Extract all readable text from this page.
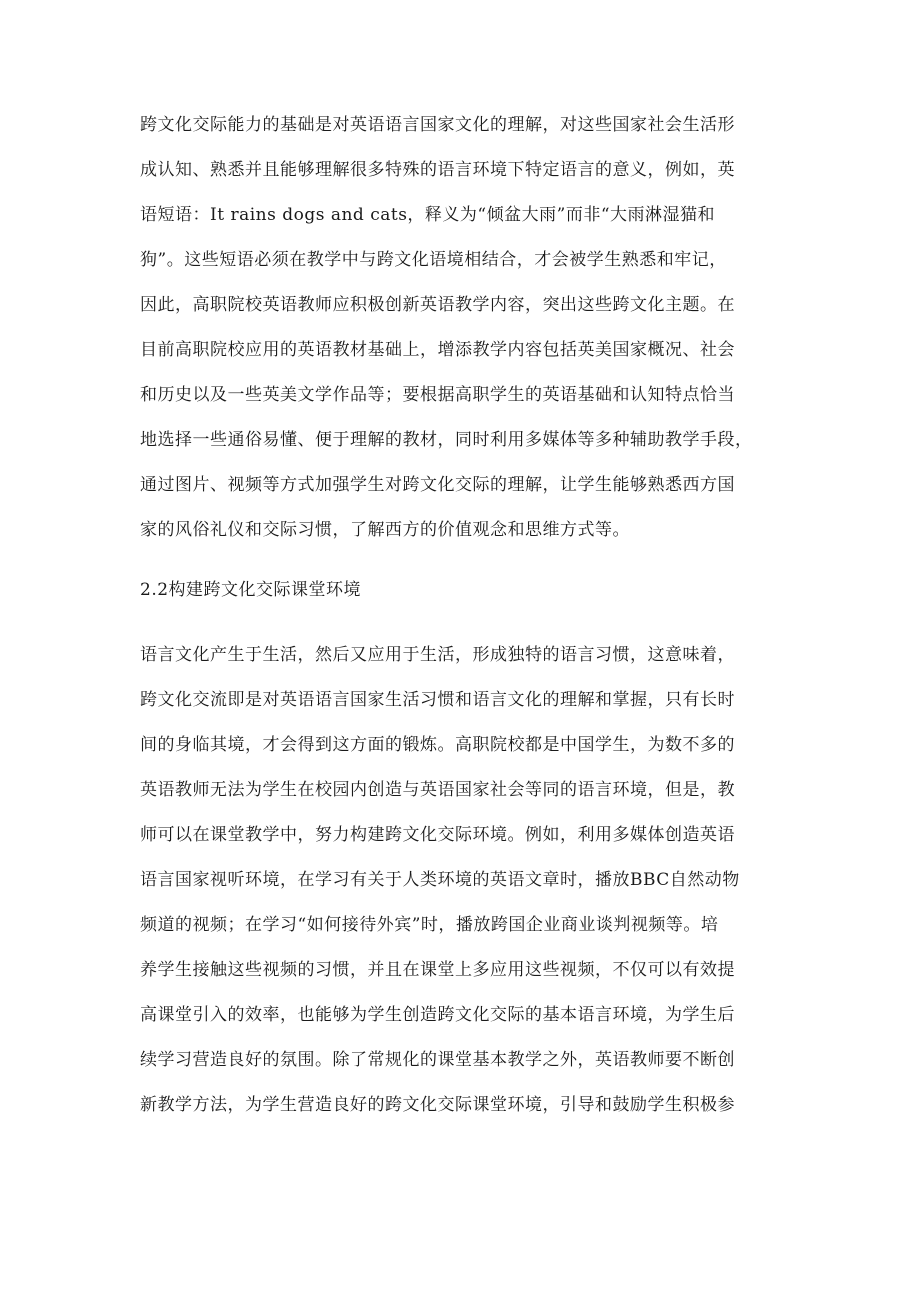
跨文化交际能力的基础是对英语语言国家文化的理解，对这些国家社会生活形
成认知、熟悉并且能够理解很多特殊的语言环境下特定语言的意义，例如，英
语短语：It rains dogs and cats，释义为“倾盆大雨”而非“大雨淋湿猫和
狗”。这些短语必须在教学中与跨文化语境相结合，才会被学生熟悉和牢记，
因此，高职院校英语教师应积极创新英语教学内容，突出这些跨文化主题。在
目前高职院校应用的英语教材基础上，增添教学内容包括英美国家概况、社会
和历史以及一些英美文学作品等；要根据高职学生的英语基础和认知特点恰当
地选择一些通俗易懂、便于理解的教材，同时利用多媒体等多种辅助教学手段，
通过图片、视频等方式加强学生对跨文化交际的理解，让学生能够熟悉西方国
家的风俗礼仪和交际习惯，了解西方的价值观念和思维方式等。
2.2构建跨文化交际课堂环境
语言文化产生于生活，然后又应用于生活，形成独特的语言习惯，这意味着，
跨文化交流即是对英语语言国家生活习惯和语言文化的理解和掌握，只有长时
间的身临其境，才会得到这方面的锻炼。高职院校都是中国学生，为数不多的
英语教师无法为学生在校园内创造与英语国家社会等同的语言环境，但是，教
师可以在课堂教学中，努力构建跨文化交际环境。例如，利用多媒体创造英语
语言国家视听环境，在学习有关于人类环境的英语文章时，播放BBC自然动物
频道的视频；在学习“如何接待外宾”时，播放跨国企业商业谈判视频等。培
养学生接触这些视频的习惯，并且在课堂上多应用这些视频，不仅可以有效提
高课堂引入的效率，也能够为学生创造跨文化交际的基本语言环境，为学生后
续学习营造良好的氛围。除了常规化的课堂基本教学之外，英语教师要不断创
新教学方法，为学生营造良好的跨文化交际课堂环境，引导和鼓励学生积极参
